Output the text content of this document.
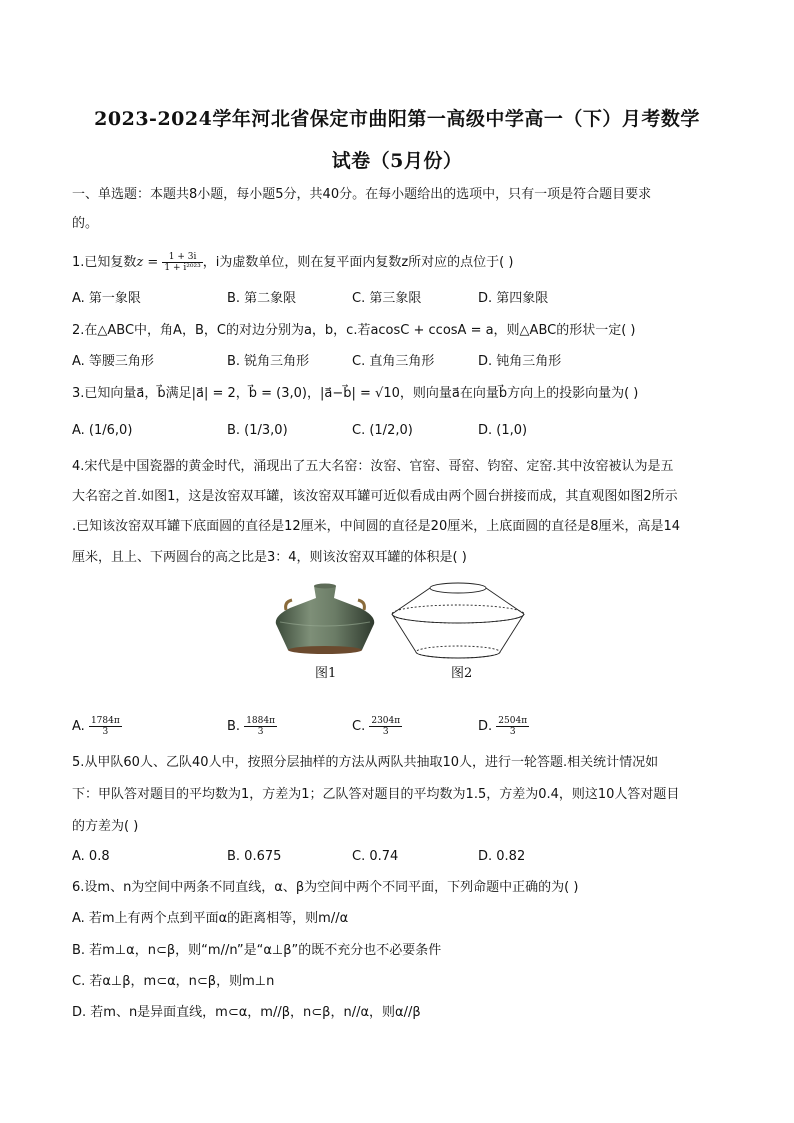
2023-2024学年河北省保定市曲阳第一高级中学高一（下）月考数学
试卷（5月份）
一、单选题：本题共8小题，每小题5分，共40分。在每小题给出的选项中，只有一项是符合题目要求
的。
1.已知复数$z = \frac{1 + 3i}{\text{1 + i²⁰²³}}$ ，i为虚数单位，则在复平面内复数z所对应的点位于( )
A. 第一象限	B. 第二象限	C. 第三象限	D. 第四象限
2.在△ABC中，角A，B，C的对边分别为a，b，c.若acosC + ccosA = a，则△ABC的形状一定( )
A. 等腰三角形	B. 锐角三角形	C. 直角三角形	D. 钝角三角形
3.已知向量a⃗，b⃗满足|a⃗| = 2，b⃗ = (3,0)，|a⃗−b⃗| = √10，则向量a⃗在向量b⃗方向上的投影向量为( )
A. (1/6,0)	B. (1/3,0)	C. (1/2,0)	D. (1,0)
4.宋代是中国瓷器的黄金时代，涌现出了五大名窑：汝窑、官窑、哥窑、钧窑、定窑.其中汝窑被认为是五
大名窑之首.如图1，这是汝窑双耳罐，该汝窑双耳罐可近似看成由两个圆台拼接而成，其直观图如图2所示
.已知该汝窑双耳罐下底面圆的直径是12厘米，中间圆的直径是20厘米，上底面圆的直径是8厘米，高是14
厘米，且上、下两圆台的高之比是3：4，则该汝窑双耳罐的体积是( )
图1	图2
A. $\frac{1784\pi}{3}$	B. $\frac{1884\pi}{3}$	C. $\frac{2304\pi}{3}$	D. $\frac{2504\pi}{3}$
5.从甲队60人、乙队40人中，按照分层抽样的方法从两队共抽取10人，进行一轮答题.相关统计情况如
下：甲队答对题目的平均数为1，方差为1；乙队答对题目的平均数为1.5，方差为0.4，则这10人答对题目
的方差为( )
A. 0.8	B. 0.675	C. 0.74	D. 0.82
6.设m、n为空间中两条不同直线，α、β为空间中两个不同平面，下列命题中正确的为( )
A. 若m上有两个点到平面α的距离相等，则m//α
B. 若m⊥α，n⊂β，则“m//n”是“α⊥β”的既不充分也不必要条件
C. 若α⊥β，m⊂α，n⊂β，则m⊥n
D. 若m、n是异面直线，m⊂α，m//β，n⊂β，n//α，则α//β
